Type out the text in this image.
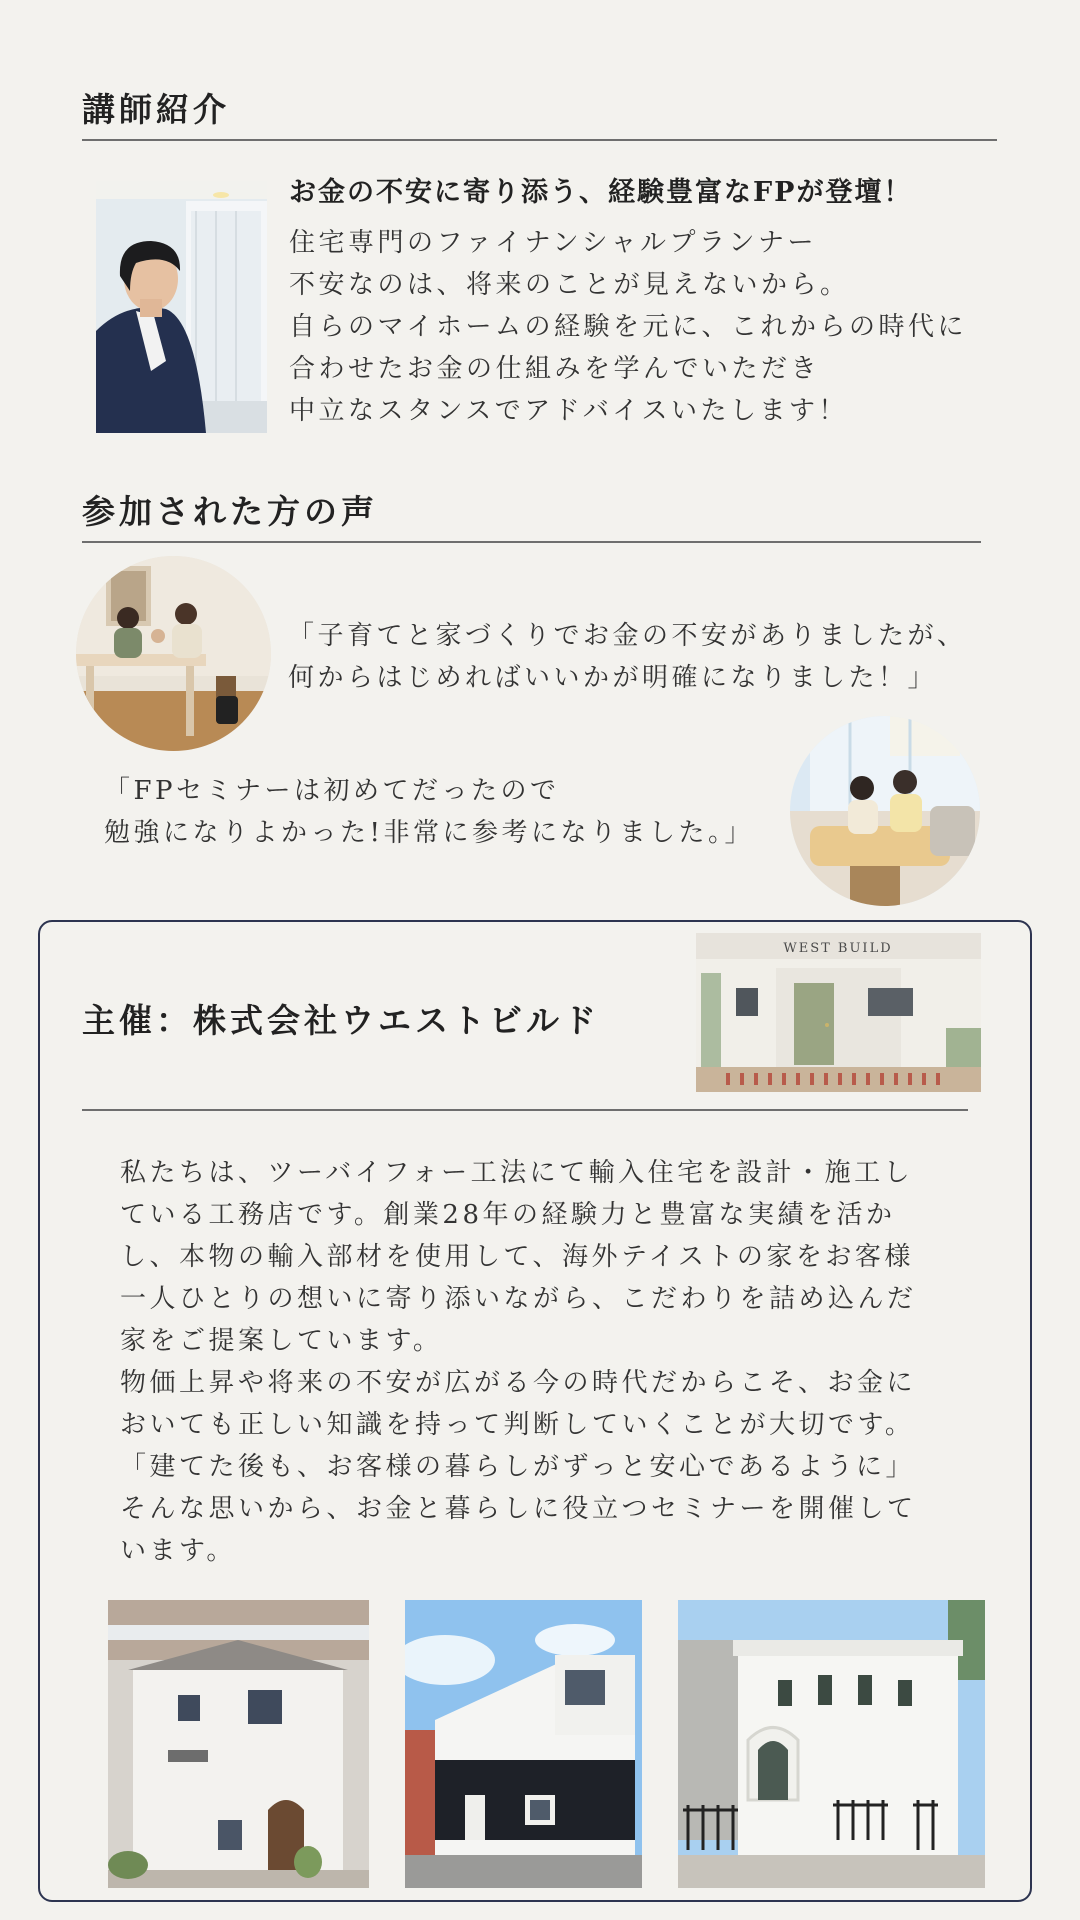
講師紹介
お金の不安に寄り添う、経験豊富なFPが登壇！
住宅専門のファイナンシャルプランナー
不安なのは、将来のことが見えないから。
自らのマイホームの経験を元に、これからの時代に
合わせたお金の仕組みを学んでいただき
中立なスタンスでアドバイスいたします！
参加された方の声
「子育てと家づくりでお金の不安がありましたが、
何からはじめればいいかが明確になりました！」
「FPセミナーは初めてだったので
勉強になりよかった!非常に参考になりました。」
主催：株式会社ウエストビルド
WEST BUILD

私たちは、ツーバイフォー工法にて輸入住宅を設計・施工し

ている工務店です。創業28年の経験力と豊富な実績を活か

し、本物の輸入部材を使用して、海外テイストの家をお客様

一人ひとりの想いに寄り添いながら、こだわりを詰め込んだ

家をご提案しています。

物価上昇や将来の不安が広がる今の時代だからこそ、お金に

おいても正しい知識を持って判断していくことが大切です。

「建てた後も、お客様の暮らしがずっと安心であるように」

そんな思いから、お金と暮らしに役立つセミナーを開催して

います。
